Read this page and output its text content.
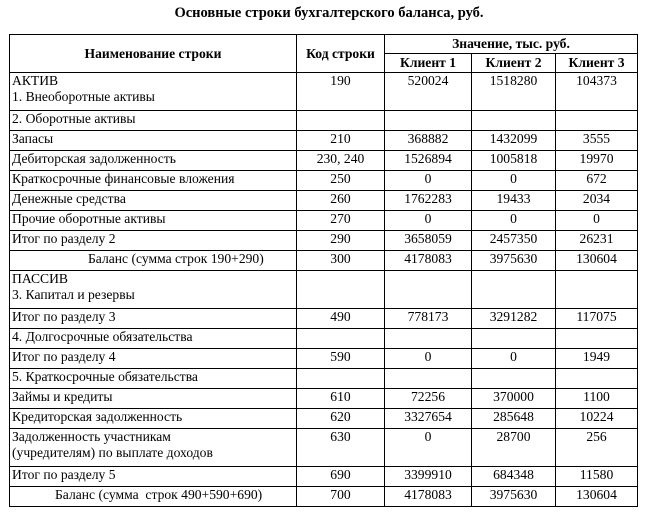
Основные строки бухгалтерского баланса, руб.
Наименование строки	Код строки	Значение, тыс. руб.		
		Клиент 1	Клиент 2	Клиент 3

АКТИВ
1. Внеоборотные активы	190	520024	1518280	104373
2. Оборотные активы				
Запасы	210	368882	1432099	3555
Дебиторская задолженность	230, 240	1526894	1005818	19970
Краткосрочные финансовые вложения	250	0	0	672
Денежные средства	260	1762283	19433	2034
Прочие оборотные активы	270	0	0	0
Итог по разделу 2	290	3658059	2457350	26231
Баланс (сумма строк 190+290)	300	4178083	3975630	130604

ПАССИВ
3. Капитал и резервы				

Итог по разделу 3	490	778173	3291282	117075
4. Долгосрочные обязательства				
Итог по разделу 4	590	0	0	1949
5. Краткосрочные обязательства				
Займы и кредиты	610	72256	370000	1100
Кредиторская задолженность	620	3327654	285648	10224

Задолженность участникам
(учредителям) по выплате доходов	630	0	28700	256
Итог по разделу 5	690	3399910	684348	11580
Баланс (сумма  строк 490+590+690)	700	4178083	3975630	130604
